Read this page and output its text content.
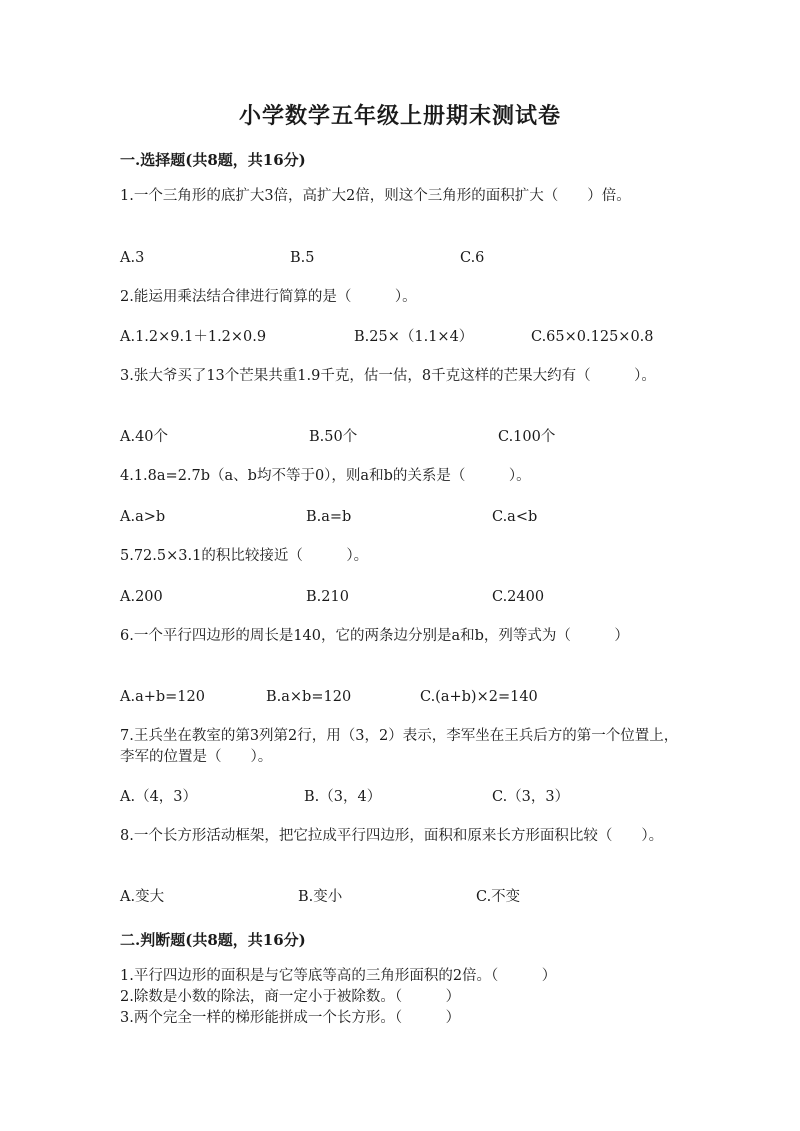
小学数学五年级上册期末测试卷
一.选择题(共8题，共16分)
1.一个三角形的底扩大3倍，高扩大2倍，则这个三角形的面积扩大（　　）倍。
A.3	B.5	C.6
2.能运用乘法结合律进行简算的是（　　　）。
A.1.2×9.1＋1.2×0.9	B.25×（1.1×4）	C.65×0.125×0.8
3.张大爷买了13个芒果共重1.9千克，估一估，8千克这样的芒果大约有（　　　）。
A.40个	B.50个	C.100个
4.1.8a=2.7b（a、b均不等于0），则a和b的关系是（　　　）。
A.a>b	B.a=b	C.a<b
5.72.5×3.1的积比较接近（　　　）。
A.200	B.210	C.2400
6.一个平行四边形的周长是140，它的两条边分别是a和b，列等式为（　　　）
A.a+b=120	B.a×b=120	C.(a+b)×2=140
7.王兵坐在教室的第3列第2行，用（3，2）表示，李军坐在王兵后方的第一个位置上，李军的位置是（　　）。
A.（4，3）	B.（3，4）	C.（3，3）
8.一个长方形活动框架，把它拉成平行四边形，面积和原来长方形面积比较（　　）。
A.变大	B.变小	C.不变
二.判断题(共8题，共16分)
1.平行四边形的面积是与它等底等高的三角形面积的2倍。（　　　）
2.除数是小数的除法，商一定小于被除数。（　　　）
3.两个完全一样的梯形能拼成一个长方形。（　　　）
